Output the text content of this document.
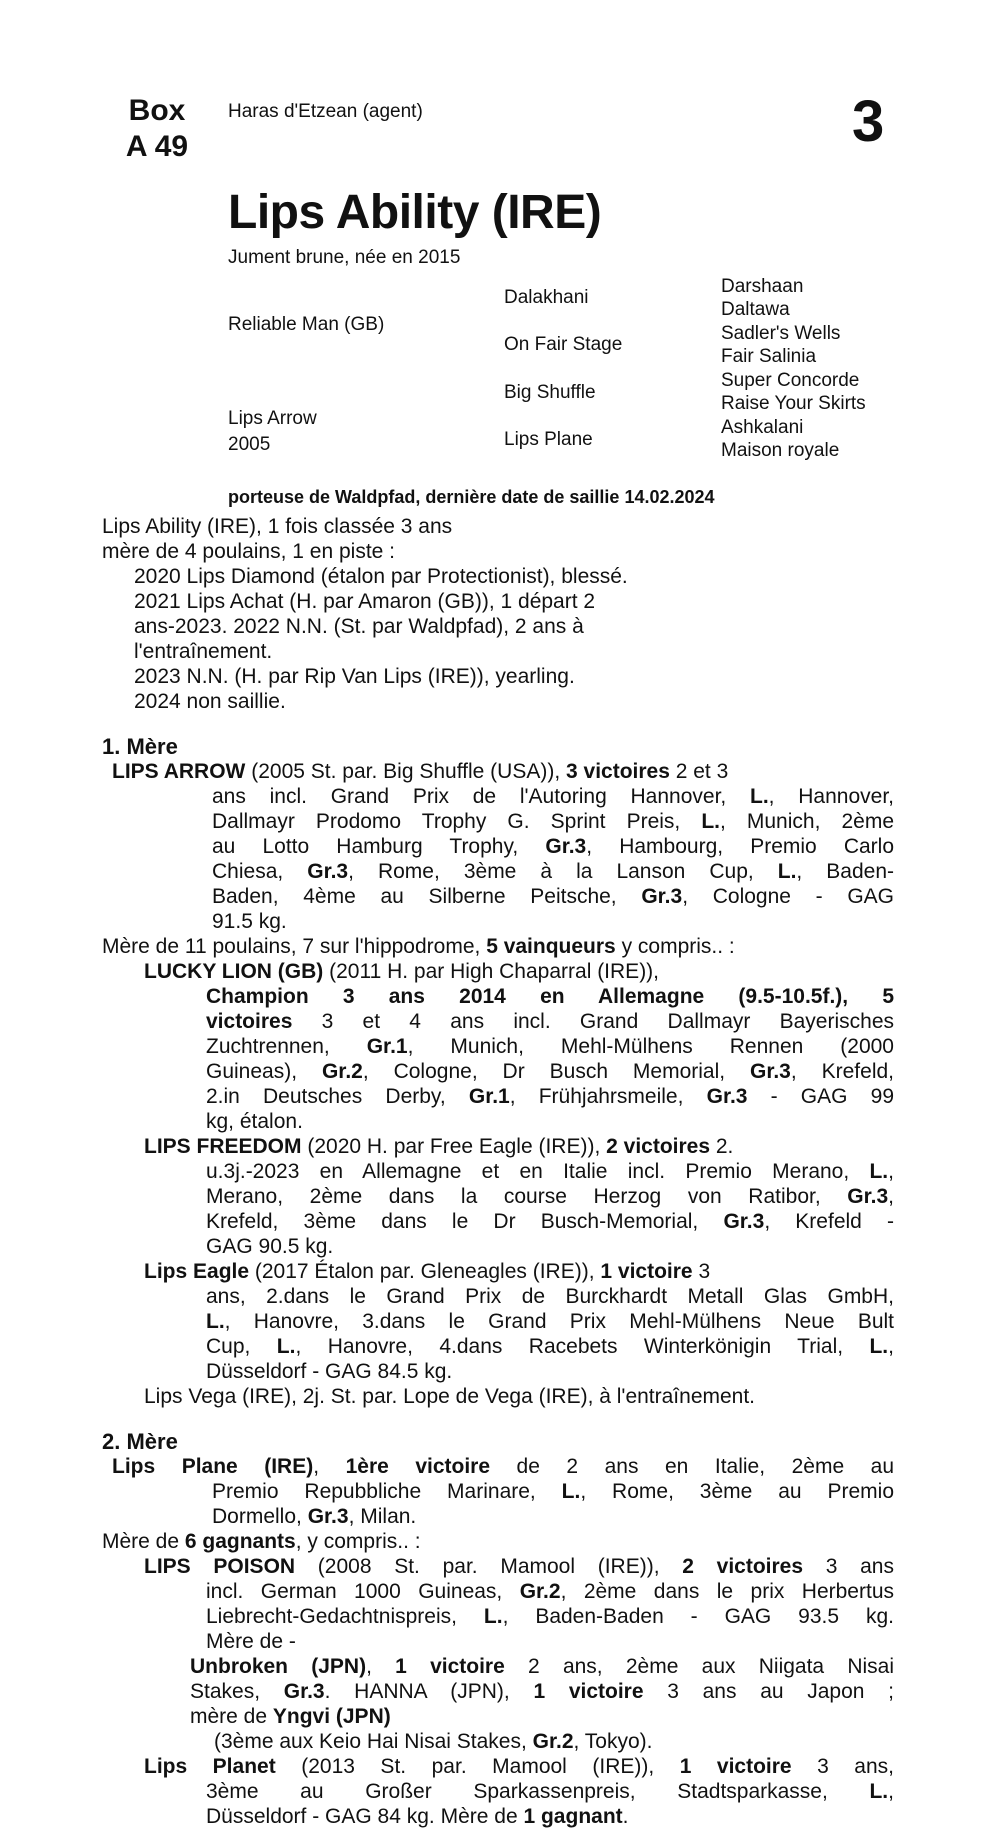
Box
A 49
Haras d'Etzean (agent)	3
Lips Ability (IRE)
Jument brune, née en 2015
Reliable Man (GB)
Lips Arrow
2005
Dalakhani
On Fair Stage
Big Shuffle
Lips Plane
Darshaan
Daltawa
Sadler's Wells
Fair Salinia
Super Concorde
Raise Your Skirts
Ashkalani
Maison royale
porteuse de Waldpfad, dernière date de saillie 14.02.2024
Lips Ability (IRE), 1 fois classée 3 ans
mère de 4 poulains, 1 en piste :
2020 Lips Diamond (étalon par Protectionist), blessé.
2021 Lips Achat (H. par Amaron (GB)), 1 départ 2
ans-2023. 2022 N.N. (St. par Waldpfad), 2 ans à
l'entraînement.
2023 N.N. (H. par Rip Van Lips (IRE)), yearling.
2024 non saillie.
1. Mère
LIPS ARROW (2005 St. par. Big Shuffle (USA)), 3 victoires 2 et 3
ans incl. Grand Prix de l'Autoring Hannover, L., Hannover,
Dallmayr Prodomo Trophy G. Sprint Preis, L., Munich, 2ème
au Lotto Hamburg Trophy, Gr.3, Hambourg, Premio Carlo
Chiesa, Gr.3, Rome, 3ème à la Lanson Cup, L., Baden-
Baden, 4ème au Silberne Peitsche, Gr.3, Cologne - GAG
91.5 kg.
Mère de 11 poulains, 7 sur l'hippodrome, 5 vainqueurs y compris.. :
LUCKY LION (GB) (2011 H. par High Chaparral (IRE)),
Champion 3 ans 2014 en Allemagne (9.5-10.5f.), 5
victoires 3 et 4 ans incl. Grand Dallmayr Bayerisches
Zuchtrennen, Gr.1, Munich, Mehl-Mülhens Rennen (2000
Guineas), Gr.2, Cologne, Dr Busch Memorial, Gr.3, Krefeld,
2.in Deutsches Derby, Gr.1, Frühjahrsmeile, Gr.3 - GAG 99
kg, étalon.
LIPS FREEDOM (2020 H. par Free Eagle (IRE)), 2 victoires 2.
u.3j.-2023 en Allemagne et en Italie incl. Premio Merano, L.,
Merano, 2ème dans la course Herzog von Ratibor, Gr.3,
Krefeld, 3ème dans le Dr Busch-Memorial, Gr.3, Krefeld -
GAG 90.5 kg.
Lips Eagle (2017 Étalon par. Gleneagles (IRE)), 1 victoire 3
ans, 2.dans le Grand Prix de Burckhardt Metall Glas GmbH,
L., Hanovre, 3.dans le Grand Prix Mehl-Mülhens Neue Bult
Cup, L., Hanovre, 4.dans Racebets Winterkönigin Trial, L.,
Düsseldorf - GAG 84.5 kg.
Lips Vega (IRE), 2j. St. par. Lope de Vega (IRE), à l'entraînement.
2. Mère
Lips Plane (IRE), 1ère victoire de 2 ans en Italie, 2ème au
Premio Repubbliche Marinare, L., Rome, 3ème au Premio
Dormello, Gr.3, Milan.
Mère de 6 gagnants, y compris.. :
LIPS POISON (2008 St. par. Mamool (IRE)), 2 victoires 3 ans
incl. German 1000 Guineas, Gr.2, 2ème dans le prix Herbertus
Liebrecht-Gedachtnispreis, L., Baden-Baden - GAG 93.5 kg.
Mère de -
Unbroken (JPN), 1 victoire 2 ans, 2ème aux Niigata Nisai
Stakes, Gr.3. HANNA (JPN), 1 victoire 3 ans au Japon ;
mère de Yngvi (JPN)
(3ème aux Keio Hai Nisai Stakes, Gr.2, Tokyo).
Lips Planet (2013 St. par. Mamool (IRE)), 1 victoire 3 ans,
3ème au Großer Sparkassenpreis, Stadtsparkasse, L.,
Düsseldorf - GAG 84 kg. Mère de 1 gagnant.
